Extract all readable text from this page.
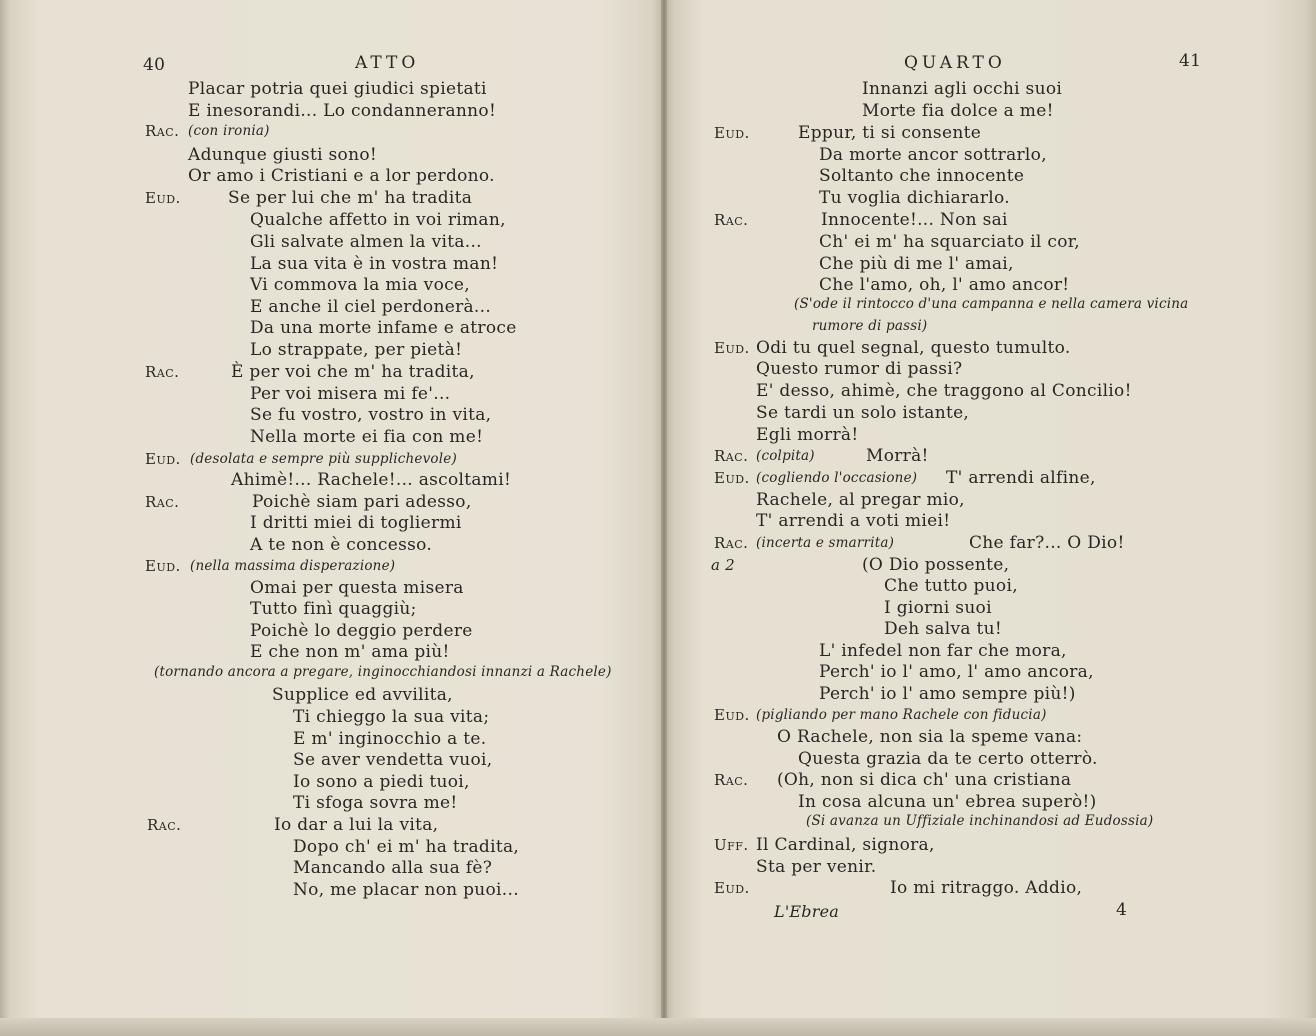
40	ATTO
Placar potria quei giudici spietati
E inesorandi... Lo condanneranno!
Rac. (con ironia)
Adunque giusti sono!
Or amo i Cristiani e a lor perdono.
Eud.	Se per lui che m' ha tradita
Qualche affetto in voi riman,
Gli salvate almen la vita...
La sua vita è in vostra man!
Vi commova la mia voce,
E anche il ciel perdonerà...
Da una morte infame e atroce
Lo strappate, per pietà!
Rac.	È per voi che m' ha tradita,
Per voi misera mi fe'...
Se fu vostro, vostro in vita,
Nella morte ei fia con me!
Eud. (desolata e sempre più supplichevole)
Ahimè!... Rachele!... ascoltami!
Rac.	Poichè siam pari adesso,
I dritti miei di togliermi
A te non è concesso.
Eud. (nella massima disperazione)
Omai per questa misera
Tutto finì quaggiù;
Poichè lo deggio perdere
E che non m' ama più!
(tornando ancora a pregare, inginocchiandosi innanzi a Rachele)
Supplice ed avvilita,
Ti chieggo la sua vita;
E m' inginocchio a te.
Se aver vendetta vuoi,
Io sono a piedi tuoi,
Ti sfoga sovra me!
Rac.	Io dar a lui la vita,
Dopo ch' ei m' ha tradita,
Mancando alla sua fè?
No, me placar non puoi...
QUARTO	41
Innanzi agli occhi suoi
Morte fia dolce a me!
Eud.	Eppur, ti si consente
Da morte ancor sottrarlo,
Soltanto che innocente
Tu voglia dichiararlo.
Rac.	Innocente!... Non sai
Ch' ei m' ha squarciato il cor,
Che più di me l' amai,
Che l'amo, oh, l' amo ancor!
(S'ode il rintocco d'una campanna e nella camera vicina
rumore di passi)
Eud. Odi tu quel segnal, questo tumulto.
Questo rumor di passi?
E' desso, ahimè, che traggono al Concilio!
Se tardi un solo istante,
Egli morrà!
Rac. (colpita)	Morrà!
Eud. (cogliendo l'occasione) T' arrendi alfine,
Rachele, al pregar mio,
T' arrendi a voti miei!
Rac. (incerta e smarrita)	Che far?... O Dio!
a 2	(O Dio possente,
Che tutto puoi,
I giorni suoi
Deh salva tu!
L' infedel non far che mora,
Perch' io l' amo, l' amo ancora,
Perch' io l' amo sempre più!)
Eud. (pigliando per mano Rachele con fiducia)
O Rachele, non sia la speme vana:
Questa grazia da te certo otterrò.
Rac. (Oh, non si dica ch' una cristiana
In cosa alcuna un' ebrea superò!)
(Si avanza un Uffiziale inchinandosi ad Eudossia)
Uff. Il Cardinal, signora,
Sta per venir.
Eud.	Io mi ritraggo. Addio,
L'Ebrea	4
